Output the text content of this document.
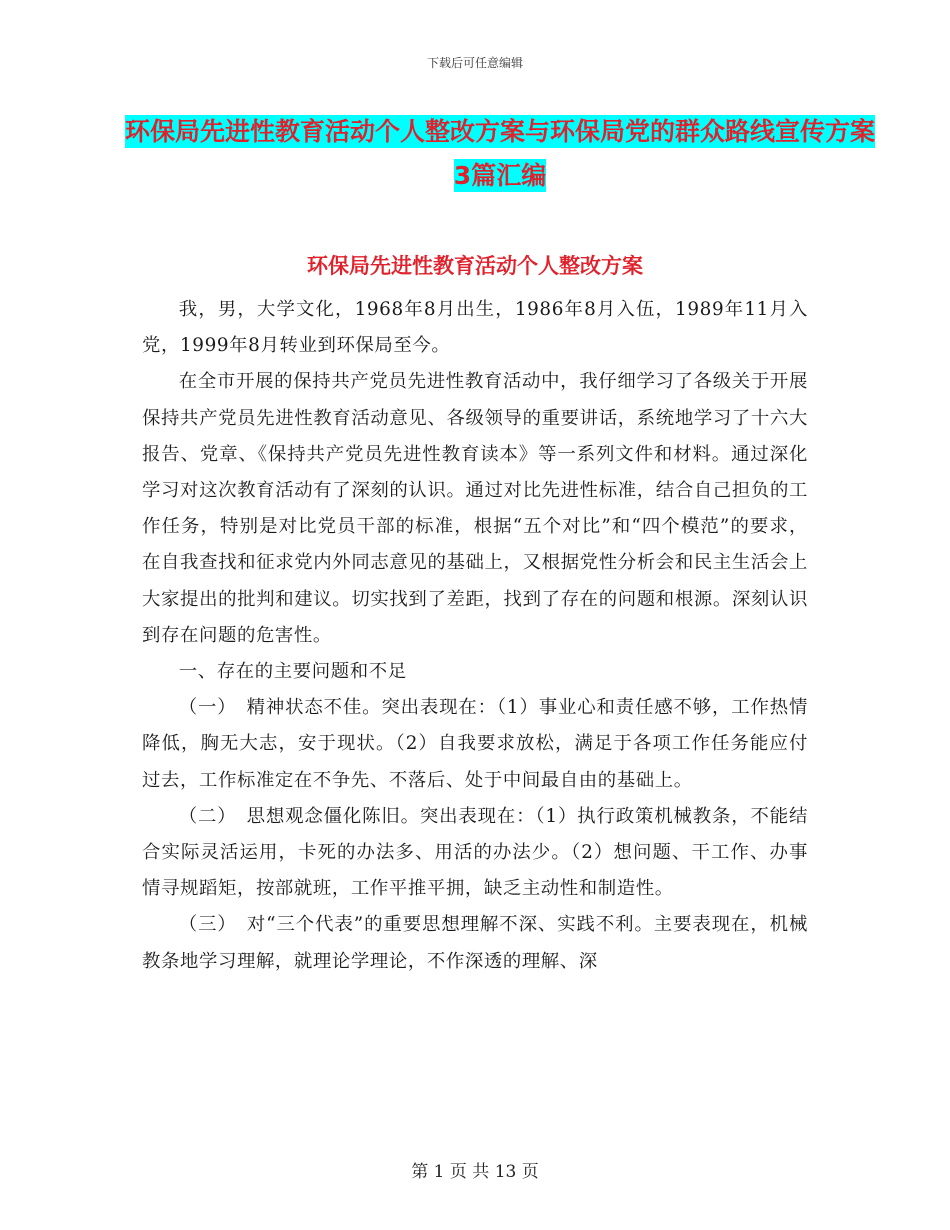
下载后可任意编辑
环保局先进性教育活动个人整改方案与环保局党的群众路线宣传方案3篇汇编
环保局先进性教育活动个人整改方案

我，男，大学文化，1968年8月出生，1986年8月入伍，1989年11月入党，1999年8月转业到环保局至今。

在全市开展的保持共产党员先进性教育活动中，我仔细学习了各级关于开展保持共产党员先进性教育活动意见、各级领导的重要讲话，系统地学习了十六大报告、党章、《保持共产党员先进性教育读本》等一系列文件和材料。通过深化学习对这次教育活动有了深刻的认识。通过对比先进性标准，结合自己担负的工作任务，特别是对比党员干部的标准，根据“五个对比”和“四个模范”的要求，在自我查找和征求党内外同志意见的基础上，又根据党性分析会和民主生活会上大家提出的批判和建议。切实找到了差距，找到了存在的问题和根源。深刻认识到存在问题的危害性。

一、存在的主要问题和不足

（一）　精神状态不佳。突出表现在：（1）事业心和责任感不够，工作热情降低，胸无大志，安于现状。（2）自我要求放松，满足于各项工作任务能应付过去，工作标准定在不争先、不落后、处于中间最自由的基础上。

（二）　思想观念僵化陈旧。突出表现在：（1）执行政策机械教条，不能结合实际灵活运用，卡死的办法多、用活的办法少。（2）想问题、干工作、办事情寻规蹈矩，按部就班，工作平推平拥，缺乏主动性和制造性。

（三）　对“三个代表”的重要思想理解不深、实践不利。主要表现在，机械教条地学习理解，就理论学理论，不作深透的理解、深

第 1 页 共 13 页
